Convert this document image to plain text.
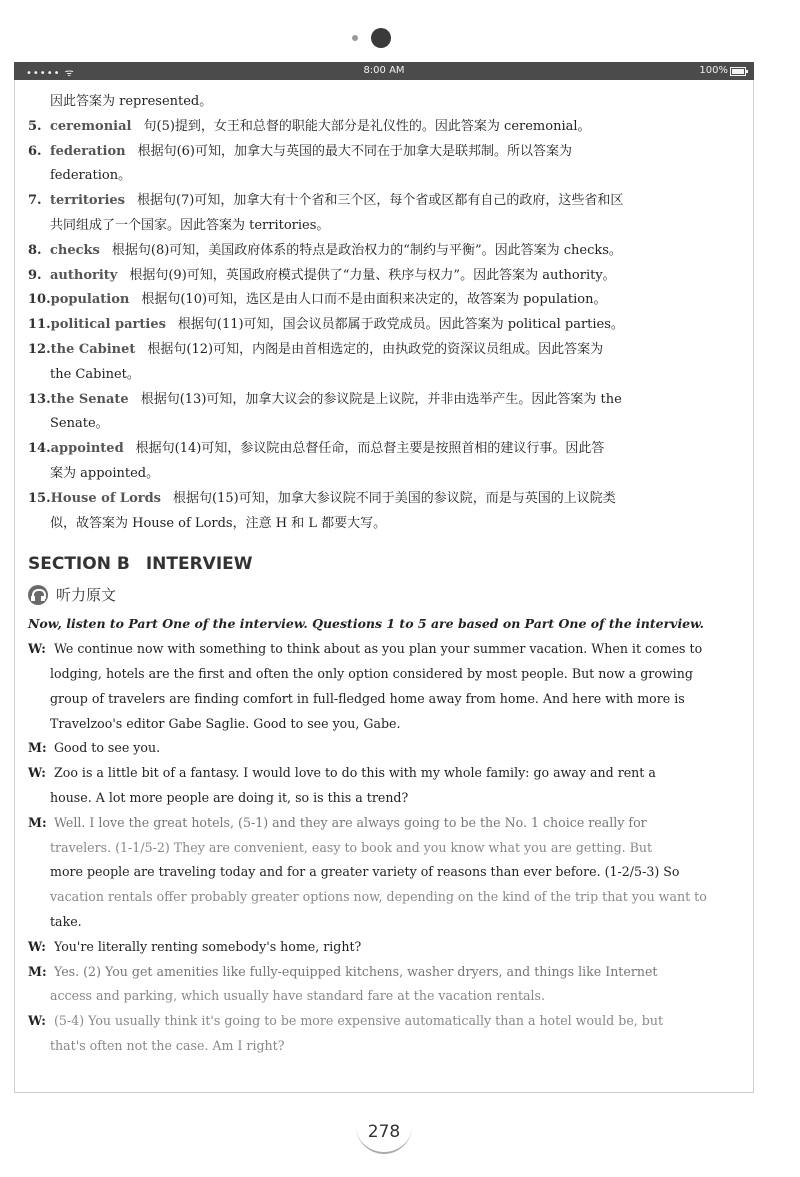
••••• ᯤ	8:00 AM	100%
因此答案为 represented。
5. ceremonial 句(5)提到，女王和总督的职能大部分是礼仪性的。因此答案为 ceremonial。
6. federation 根据句(6)可知，加拿大与英国的最大不同在于加拿大是联邦制。所以答案为
federation。
7. territories 根据句(7)可知，加拿大有十个省和三个区，每个省或区都有自己的政府，这些省和区
共同组成了一个国家。因此答案为 territories。
8. checks 根据句(8)可知，美国政府体系的特点是政治权力的“制约与平衡”。因此答案为 checks。
9. authority 根据句(9)可知，英国政府模式提供了“力量、秩序与权力”。因此答案为 authority。
10.population 根据句(10)可知，选区是由人口而不是由面积来决定的，故答案为 population。
11.political parties 根据句(11)可知，国会议员都属于政党成员。因此答案为 political parties。
12.the Cabinet 根据句(12)可知，内阁是由首相选定的，由执政党的资深议员组成。因此答案为
the Cabinet。
13.the Senate 根据句(13)可知，加拿大议会的参议院是上议院，并非由选举产生。因此答案为 the
Senate。
14.appointed 根据句(14)可知，参议院由总督任命，而总督主要是按照首相的建议行事。因此答
案为 appointed。
15.House of Lords 根据句(15)可知，加拿大参议院不同于美国的参议院，而是与英国的上议院类
似，故答案为 House of Lords，注意 H 和 L 都要大写。
SECTION B INTERVIEW
听力原文
Now, listen to Part One of the interview. Questions 1 to 5 are based on Part One of the interview.
W: We continue now with something to think about as you plan your summer vacation. When it comes to
lodging, hotels are the first and often the only option considered by most people. But now a growing
group of travelers are finding comfort in full-fledged home away from home. And here with more is
Travelzoo's editor Gabe Saglie. Good to see you, Gabe.
M: Good to see you.
W: Zoo is a little bit of a fantasy. I would love to do this with my whole family: go away and rent a
house. A lot more people are doing it, so is this a trend?
M: Well. I love the great hotels, (5-1) and they are always going to be the No. 1 choice really for
travelers. (1-1/5-2) They are convenient, easy to book and you know what you are getting. But
more people are traveling today and for a greater variety of reasons than ever before. (1-2/5-3) So
vacation rentals offer probably greater options now, depending on the kind of the trip that you want to
take.
W: You're literally renting somebody's home, right?
M: Yes. (2) You get amenities like fully-equipped kitchens, washer dryers, and things like Internet
access and parking, which usually have standard fare at the vacation rentals.
W: (5-4) You usually think it's going to be more expensive automatically than a hotel would be, but
that's often not the case. Am I right?
278
